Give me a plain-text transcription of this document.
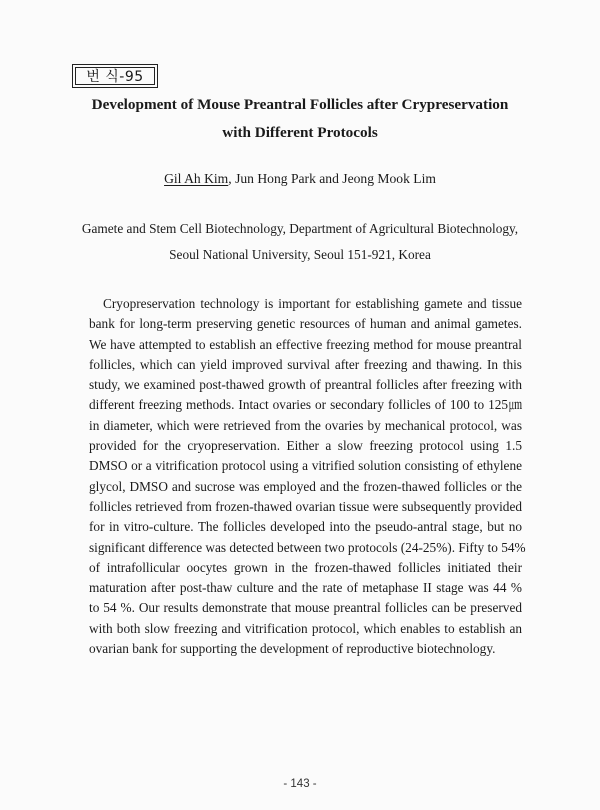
번 식-95
Development of Mouse Preantral Follicles after Crypreservation
with Different Protocols
Gil Ah Kim, Jun Hong Park and Jeong Mook Lim
Gamete and Stem Cell Biotechnology, Department of Agricultural Biotechnology,
Seoul National University, Seoul 151-921, Korea
Cryopreservation technology is important for establishing gamete and tissue
bank for long-term preserving genetic resources of human and animal gametes.
We have attempted to establish an effective freezing method for mouse preantral
follicles, which can yield improved survival after freezing and thawing. In this
study, we examined post-thawed growth of preantral follicles after freezing with
different freezing methods. Intact ovaries or secondary follicles of 100 to 125㎛
in diameter, which were retrieved from the ovaries by mechanical protocol, was
provided for the cryopreservation. Either a slow freezing protocol using 1.5
DMSO or a vitrification protocol using a vitrified solution consisting of ethylene
glycol, DMSO and sucrose was employed and the frozen-thawed follicles or the
follicles retrieved from frozen-thawed ovarian tissue were subsequently provided
for in vitro-culture. The follicles developed into the pseudo-antral stage, but no
significant difference was detected between two protocols (24-25%). Fifty to 54%
of intrafollicular oocytes grown in the frozen-thawed follicles initiated their
maturation after post-thaw culture and the rate of metaphase II stage was 44 %
to 54 %. Our results demonstrate that mouse preantral follicles can be preserved
with both slow freezing and vitrification protocol, which enables to establish an
ovarian bank for supporting the development of reproductive biotechnology.
- 143 -
